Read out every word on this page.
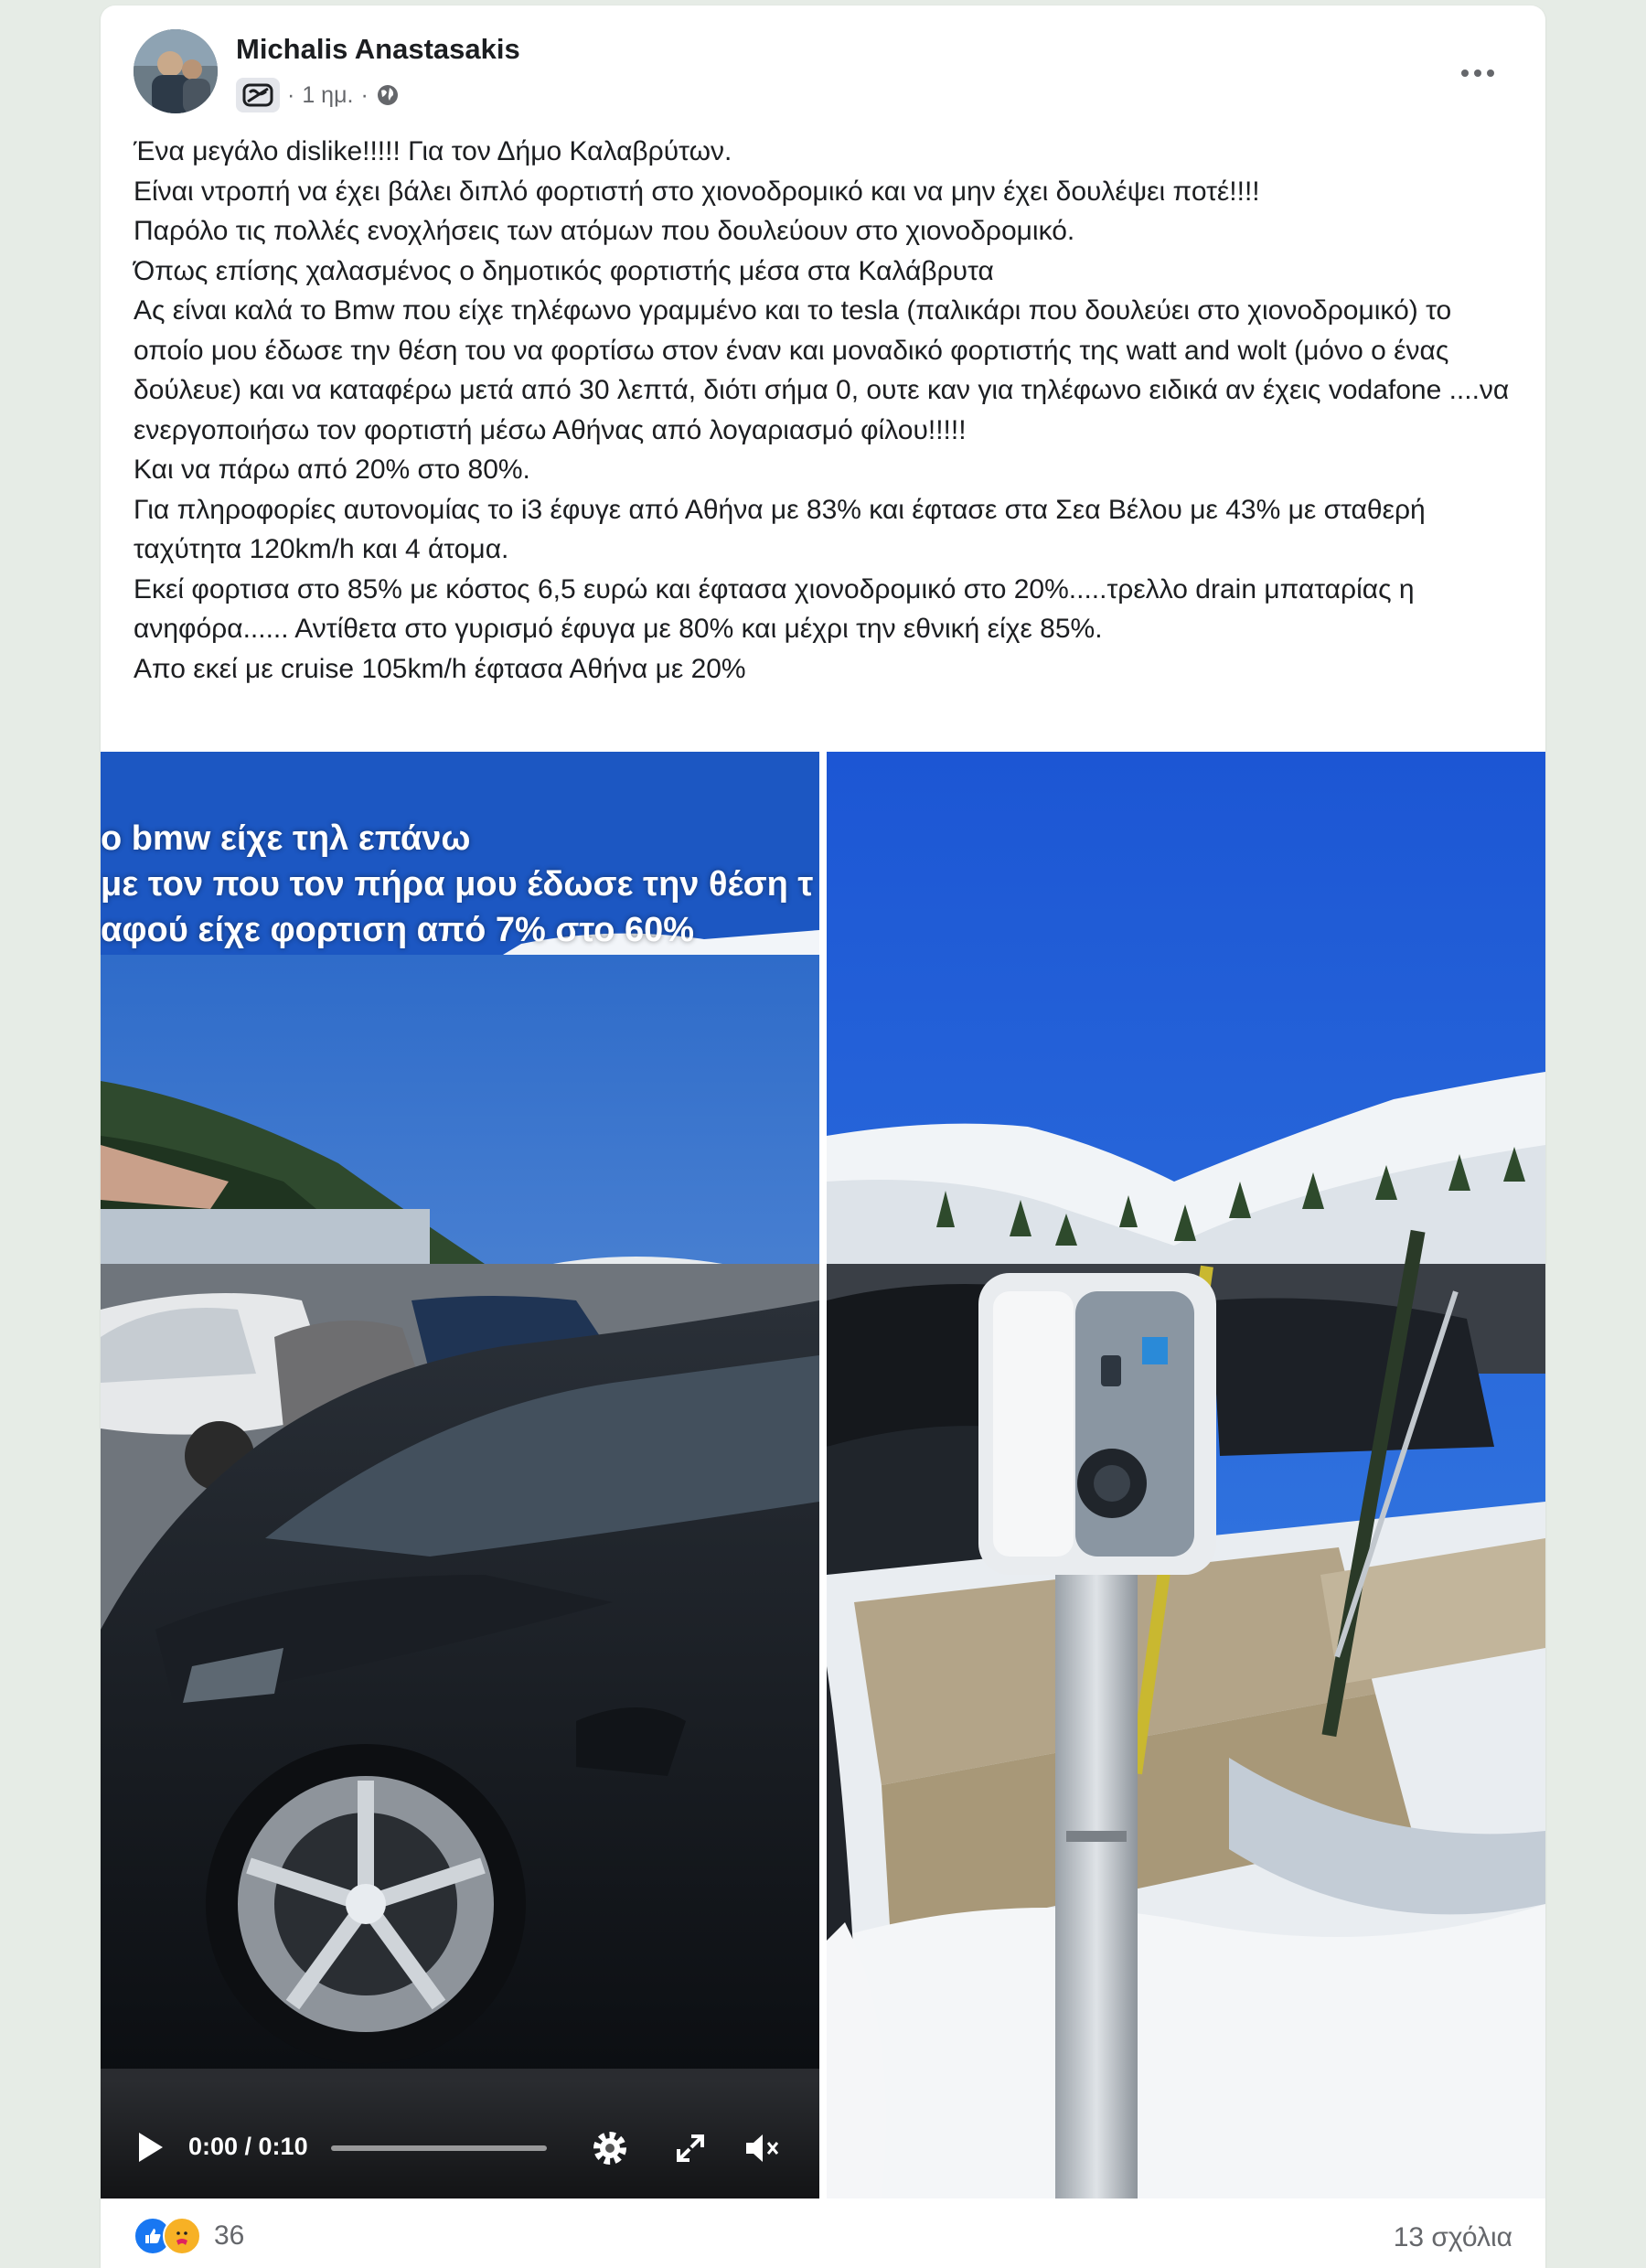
Michalis Anastasakis
· 1 ημ. ·

Ένα μεγάλο dislike!!!!! Για τον Δήμο Καλαβρύτων.

Είναι ντροπή να έχει βάλει διπλό φορτιστή στο χιονοδρομικό και να μην έχει δουλέψει ποτέ!!!!

Παρόλο τις πολλές ενοχλήσεις των ατόμων που δουλεύουν στο χιονοδρομικό.

Όπως επίσης χαλασμένος ο δημοτικός φορτιστής μέσα στα Καλάβρυτα

Ας είναι καλά το Bmw που είχε τηλέφωνο γραμμένο και το tesla (παλικάρι που δουλεύει στο χιονοδρομικό) το οποίο μου έδωσε την θέση του να φορτίσω στον έναν και μοναδικό φορτιστής της watt and wolt (μόνο ο ένας δούλευε) και να καταφέρω μετά από 30 λεπτά, διότι σήμα 0, ουτε καν για τηλέφωνο ειδικά αν έχεις vodafone ....να ενεργοποιήσω τον φορτιστή μέσω Αθήνας από λογαριασμό φίλου!!!!!

Και να πάρω από 20% στο 80%.

Για πληροφορίες αυτονομίας το i3 έφυγε από Αθήνα με 83% και έφτασε στα Σεα Βέλου με 43% με σταθερή ταχύτητα 120km/h και 4 άτομα.

Εκεί φορτισα στο 85% με κόστος 6,5 ευρώ και έφτασα χιονοδρομικό στο 20%.....τρελλο drain μπαταρίας η ανηφόρα...... Αντίθετα στο γυρισμό έφυγα με 80% και μέχρι την εθνική είχε 85%.

Απο εκεί με cruise 105km/h έφτασα Αθήνα με 20%

ο bmw είχε τηλ επάνω
με τον που τον πήρα μου έδωσε την θέση τ
αφού είχε φορτιση από 7% στο 60%
0:00 / 0:10
36	13 σχόλια
